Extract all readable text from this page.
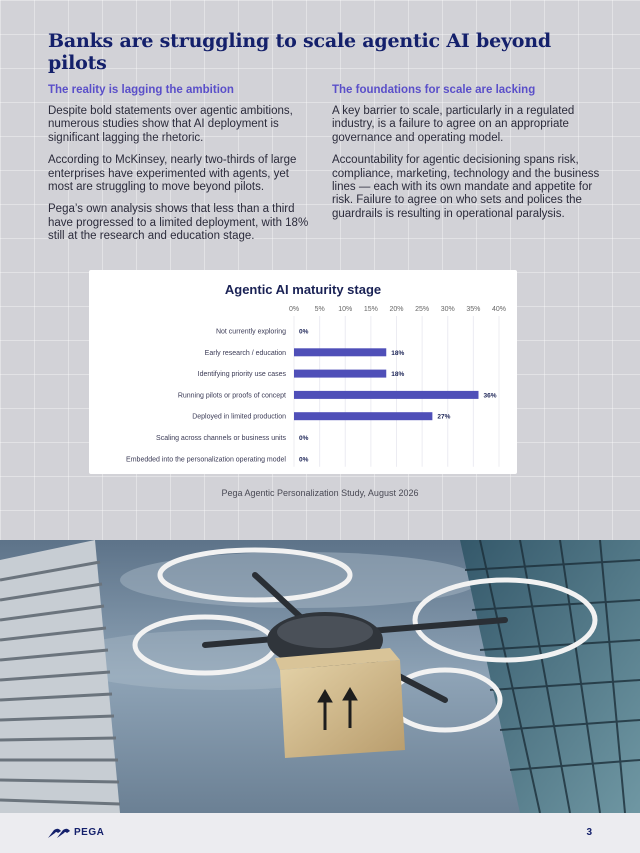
Banks are struggling to scale agentic AI beyond pilots
The reality is lagging the ambition

Despite bold statements over agentic ambitions, numerous studies show that AI deployment is significant lagging the rhetoric.

According to McKinsey, nearly two-thirds of large enterprises have experimented with agents, yet most are struggling to move beyond pilots.

Pega’s own analysis shows that less than a third have progressed to a limited deployment, with 18% still at the research and education stage.

The foundations for scale are lacking

A key barrier to scale, particularly in a regulated industry, is a failure to agree on an appropriate governance and operating model.

Accountability for agentic decisioning spans risk, compliance, marketing, technology and the business lines — each with its own mandate and appetite for risk. Failure to agree on who sets and polices the guardrails is resulting in operational paralysis.

Agentic AI maturity stage
0% 5% 10% 15% 20% 25% 30% 35% 40%
Not currently exploring 0%
Early research / education	18%
Identifying priority use cases	18%
Running pilots or proofs of concept	36%
Deployed in limited production	27%
Scaling across channels or business units 0%
Embedded into the personalization operating model 0%
Pega Agentic Personalization Study, August 2026
PEGA	3
